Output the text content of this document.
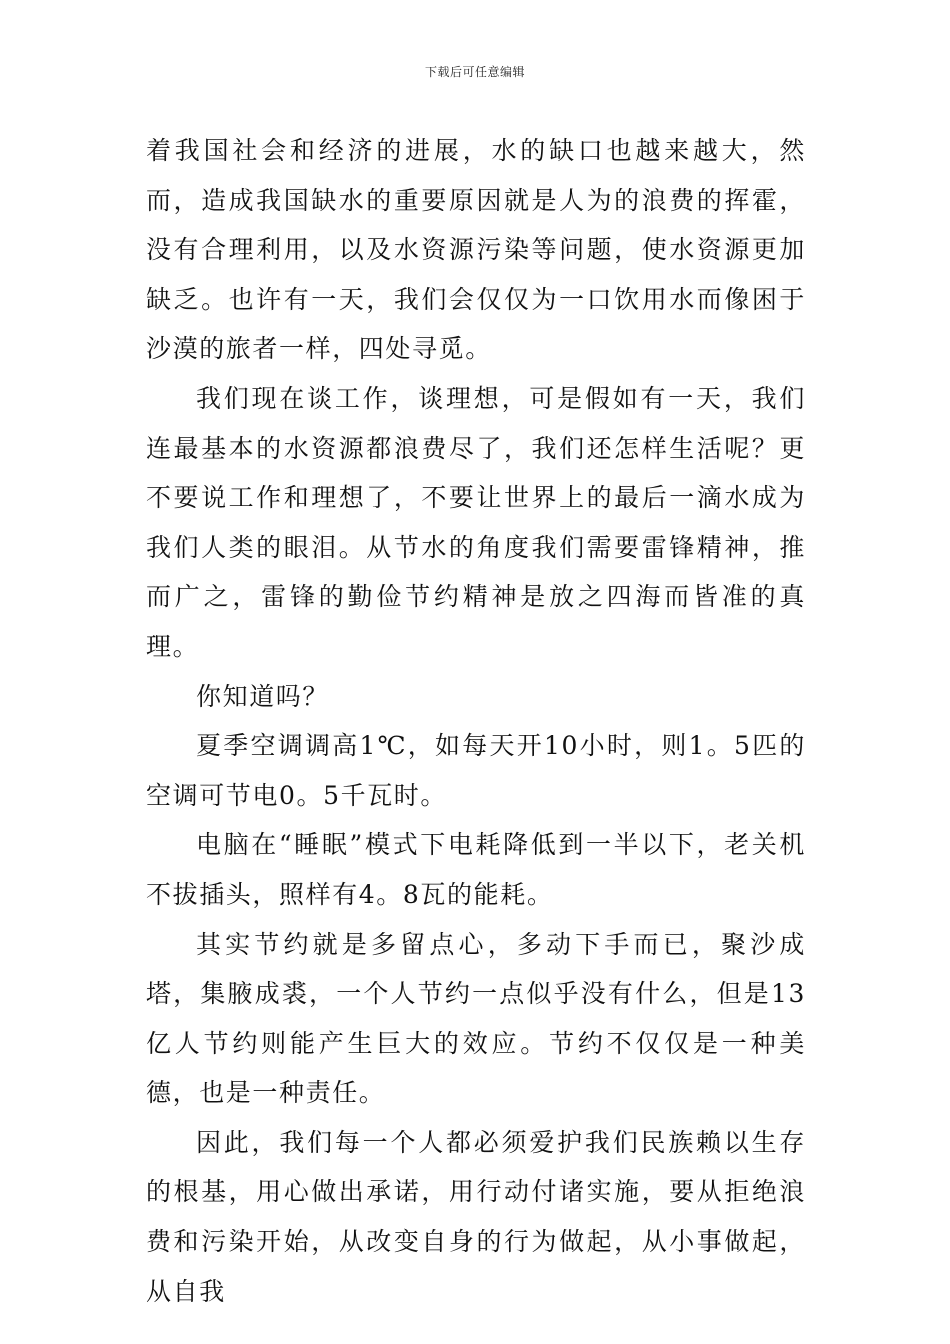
下载后可任意编辑

着我国社会和经济的进展，水的缺口也越来越大，然而，造成我国缺水的重要原因就是人为的浪费的挥霍，没有合理利用，以及水资源污染等问题，使水资源更加缺乏。也许有一天，我们会仅仅为一口饮用水而像困于沙漠的旅者一样，四处寻觅。

我们现在谈工作，谈理想，可是假如有一天，我们连最基本的水资源都浪费尽了，我们还怎样生活呢？更不要说工作和理想了，不要让世界上的最后一滴水成为我们人类的眼泪。从节水的角度我们需要雷锋精神，推而广之，雷锋的勤俭节约精神是放之四海而皆准的真理。

你知道吗？

夏季空调调高1℃，如每天开10小时，则1。5匹的空调可节电0。5千瓦时。

电脑在“睡眠”模式下电耗降低到一半以下，老关机不拔插头，照样有4。8瓦的能耗。

其实节约就是多留点心，多动下手而已，聚沙成塔，集腋成裘，一个人节约一点似乎没有什么，但是13亿人节约则能产生巨大的效应。节约不仅仅是一种美德，也是一种责任。

因此，我们每一个人都必须爱护我们民族赖以生存的根基，用心做出承诺，用行动付诸实施，要从拒绝浪费和污染开始，从改变自身的行为做起，从小事做起，从自我
